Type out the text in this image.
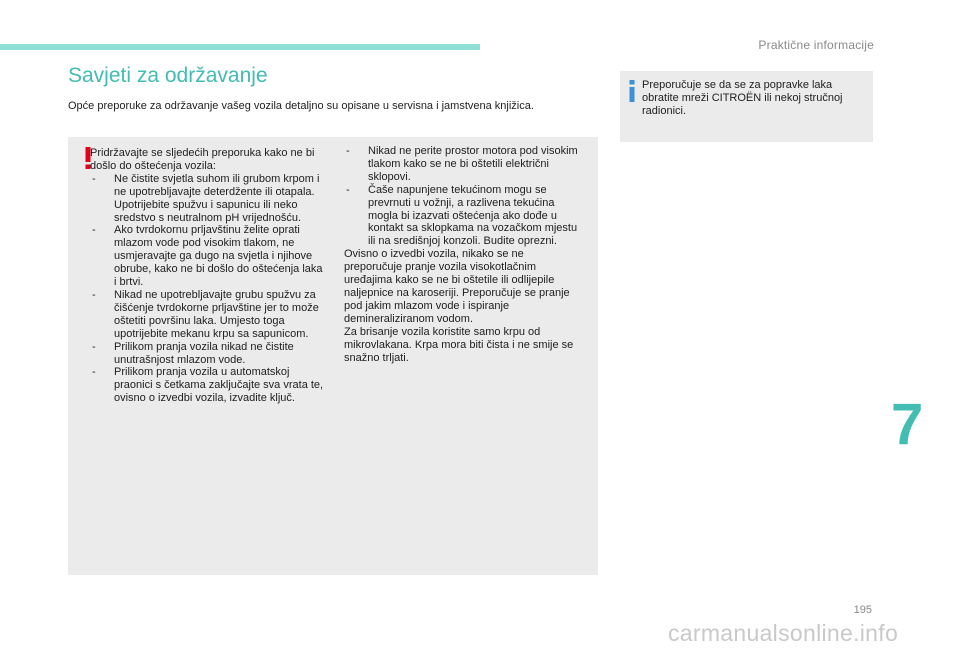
Praktične informacije
Savjeti za održavanje
Opće preporuke za održavanje vašeg vozila detaljno su opisane u servisna i jamstvena knjižica.

Pridržavajte se sljedećih preporuka kako ne bi došlo do oštećenja vozila:

- Ne čistite svjetla suhom ili grubom krpom i ne upotrebljavajte deterdžente ili otapala. Upotrijebite spužvu i sapunicu ili neko sredstvo s neutralnom pH vrijednošću.
- Ako tvrdokornu prljavštinu želite oprati mlazom vode pod visokim tlakom, ne usmjeravajte ga dugo na svjetla i njihove obrube, kako ne bi došlo do oštećenja laka i brtvi.
- Nikad ne upotrebljavajte grubu spužvu za čišćenje tvrdokorne prljavštine jer to može oštetiti površinu laka. Umjesto toga upotrijebite mekanu krpu sa sapunicom.
- Prilikom pranja vozila nikad ne čistite unutrašnjost mlazom vode.
- Prilikom pranja vozila u automatskoj praonici s četkama zaključajte sva vrata te, ovisno o izvedbi vozila, izvadite ključ.
- Nikad ne perite prostor motora pod visokim tlakom kako se ne bi oštetili električni sklopovi.
- Čaše napunjene tekućinom mogu se prevrnuti u vožnji, a razlivena tekućina mogla bi izazvati oštećenja ako dođe u kontakt sa sklopkama na vozačkom mjestu ili na središnjoj konzoli. Budite oprezni.

Ovisno o izvedbi vozila, nikako se ne preporučuje pranje vozila visokotlačnim uređajima kako se ne bi oštetile ili odlijepile naljepnice na karoseriji. Preporučuje se pranje pod jakim mlazom vode i ispiranje demineraliziranom vodom.

Za brisanje vozila koristite samo krpu od mikrovlakana. Krpa mora biti čista i ne smije se snažno trljati.

Preporučuje se da se za popravke laka obratite mreži CITROËN ili nekoj stručnoj radionici.
7
195
carmanualsonline.info
